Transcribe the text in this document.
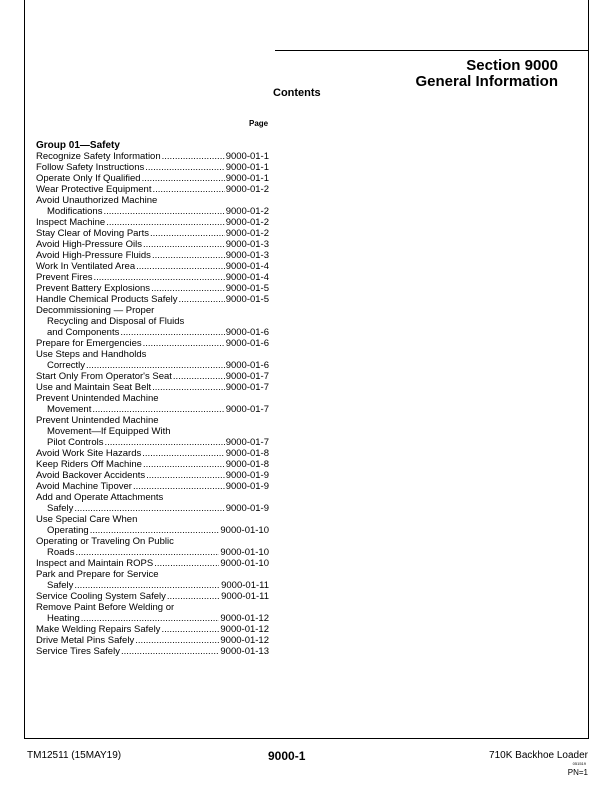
Section 9000
General Information
Contents
Page
Group 01—Safety
Recognize Safety Information .....	9000-01-1
Follow Safety Instructions .....	9000-01-1
Operate Only If Qualified .....	9000-01-1
Wear Protective Equipment .....	9000-01-2
Avoid Unauthorized Machine
Modifications .....	9000-01-2
Inspect Machine .....	9000-01-2
Stay Clear of Moving Parts .....	9000-01-2
Avoid High-Pressure Oils .....	9000-01-3
Avoid High-Pressure Fluids .....	9000-01-3
Work In Ventilated Area .....	9000-01-4
Prevent Fires .....	9000-01-4
Prevent Battery Explosions .....	9000-01-5
Handle Chemical Products Safely .....	9000-01-5
Decommissioning — Proper
Recycling and Disposal of Fluids
and Components .....	9000-01-6
Prepare for Emergencies .....	9000-01-6
Use Steps and Handholds
Correctly .....	9000-01-6
Start Only From Operator's Seat .....	9000-01-7
Use and Maintain Seat Belt .....	9000-01-7
Prevent Unintended Machine
Movement .....	9000-01-7
Prevent Unintended Machine
Movement—If Equipped With
Pilot Controls .....	9000-01-7
Avoid Work Site Hazards .....	9000-01-8
Keep Riders Off Machine .....	9000-01-8
Avoid Backover Accidents .....	9000-01-9
Avoid Machine Tipover .....	9000-01-9
Add and Operate Attachments
Safely .....	9000-01-9
Use Special Care When
Operating .....	9000-01-10
Operating or Traveling On Public
Roads .....	9000-01-10
Inspect and Maintain ROPS .....	9000-01-10
Park and Prepare for Service
Safely .....	9000-01-11
Service Cooling System Safely .....	9000-01-11
Remove Paint Before Welding or
Heating .....	9000-01-12
Make Welding Repairs Safely .....	9000-01-12
Drive Metal Pins Safely .....	9000-01-12
Service Tires Safely .....	9000-01-13
TM12511 (15MAY19)	9000-1	710K Backhoe Loader
051519
PN=1
